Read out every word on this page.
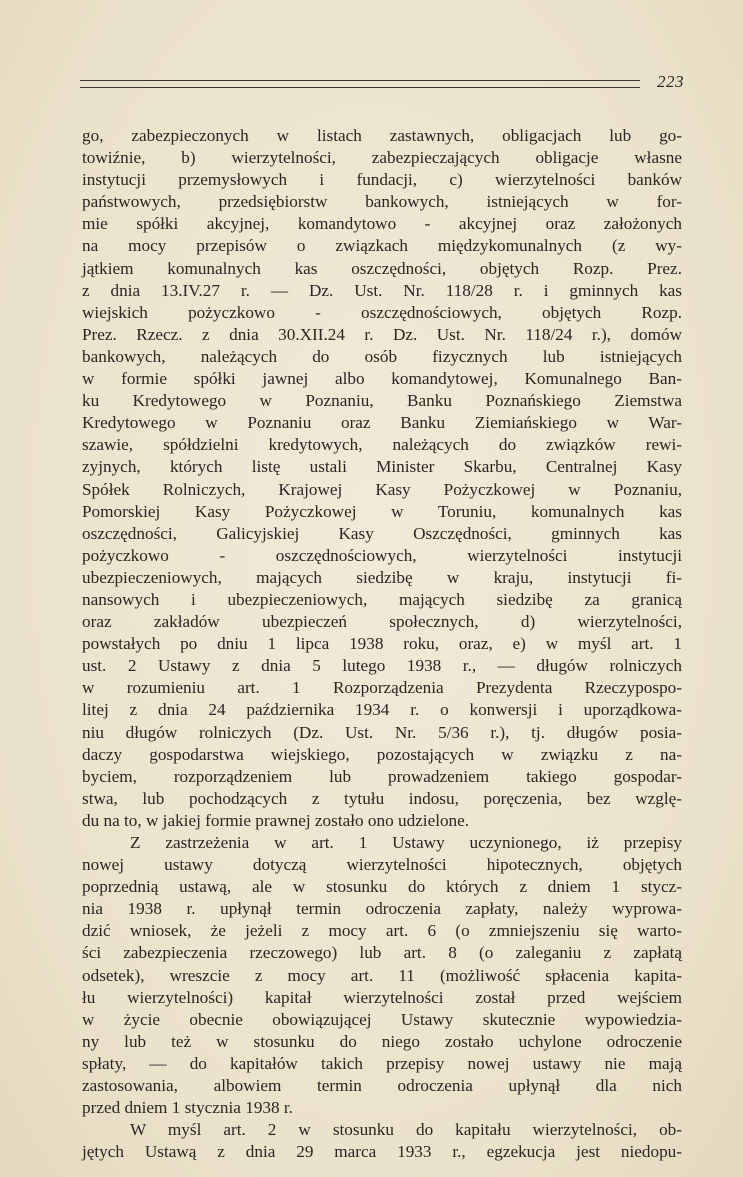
223
go, zabezpieczonych w listach zastawnych, obligacjach lub go-
towiźnie, b) wierzytelności, zabezpieczających obligacje własne
instytucji przemysłowych i fundacji, c) wierzytelności banków
państwowych, przedsiębiorstw bankowych, istniejących w for-
mie spółki akcyjnej, komandytowo - akcyjnej oraz założonych
na mocy przepisów o związkach międzykomunalnych (z wy-
jątkiem komunalnych kas oszczędności, objętych Rozp. Prez.
z dnia 13.IV.27 r. — Dz. Ust. Nr. 118/28 r. i gminnych kas
wiejskich pożyczkowo - oszczędnościowych, objętych Rozp.
Prez. Rzecz. z dnia 30.XII.24 r. Dz. Ust. Nr. 118/24 r.), domów
bankowych, należących do osób fizycznych lub istniejących
w formie spółki jawnej albo komandytowej, Komunalnego Ban-
ku Kredytowego w Poznaniu, Banku Poznańskiego Ziemstwa
Kredytowego w Poznaniu oraz Banku Ziemiańskiego w War-
szawie, spółdzielni kredytowych, należących do związków rewi-
zyjnych, których listę ustali Minister Skarbu, Centralnej Kasy
Spółek Rolniczych, Krajowej Kasy Pożyczkowej w Poznaniu,
Pomorskiej Kasy Pożyczkowej w Toruniu, komunalnych kas
oszczędności, Galicyjskiej Kasy Oszczędności, gminnych kas
pożyczkowo - oszczędnościowych, wierzytelności instytucji
ubezpieczeniowych, mających siedzibę w kraju, instytucji fi-
nansowych i ubezpieczeniowych, mających siedzibę za granicą
oraz zakładów ubezpieczeń społecznych, d) wierzytelności,
powstałych po dniu 1 lipca 1938 roku, oraz, e) w myśl art. 1
ust. 2 Ustawy z dnia 5 lutego 1938 r., — długów rolniczych
w rozumieniu art. 1 Rozporządzenia Prezydenta Rzeczypospo-
litej z dnia 24 października 1934 r. o konwersji i uporządkowa-
niu długów rolniczych (Dz. Ust. Nr. 5/36 r.), tj. długów posia-
daczy gospodarstwa wiejskiego, pozostających w związku z na-
byciem, rozporządzeniem lub prowadzeniem takiego gospodar-
stwa, lub pochodzących z tytułu indosu, poręczenia, bez wzglę-
du na to, w jakiej formie prawnej zostało ono udzielone.
Z zastrzeżenia w art. 1 Ustawy uczynionego, iż przepisy
nowej ustawy dotyczą wierzytelności hipotecznych, objętych
poprzednią ustawą, ale w stosunku do których z dniem 1 stycz-
nia 1938 r. upłynął termin odroczenia zapłaty, należy wyprowa-
dzić wniosek, że jeżeli z mocy art. 6 (o zmniejszeniu się warto-
ści zabezpieczenia rzeczowego) lub art. 8 (o zaleganiu z zapłatą
odsetek), wreszcie z mocy art. 11 (możliwość spłacenia kapita-
łu wierzytelności) kapitał wierzytelności został przed wejściem
w życie obecnie obowiązującej Ustawy skutecznie wypowiedzia-
ny lub też w stosunku do niego zostało uchylone odroczenie
spłaty, — do kapitałów takich przepisy nowej ustawy nie mają
zastosowania, albowiem termin odroczenia upłynął dla nich
przed dniem 1 stycznia 1938 r.
W myśl art. 2 w stosunku do kapitału wierzytelności, ob-
jętych Ustawą z dnia 29 marca 1933 r., egzekucja jest niedopu-
